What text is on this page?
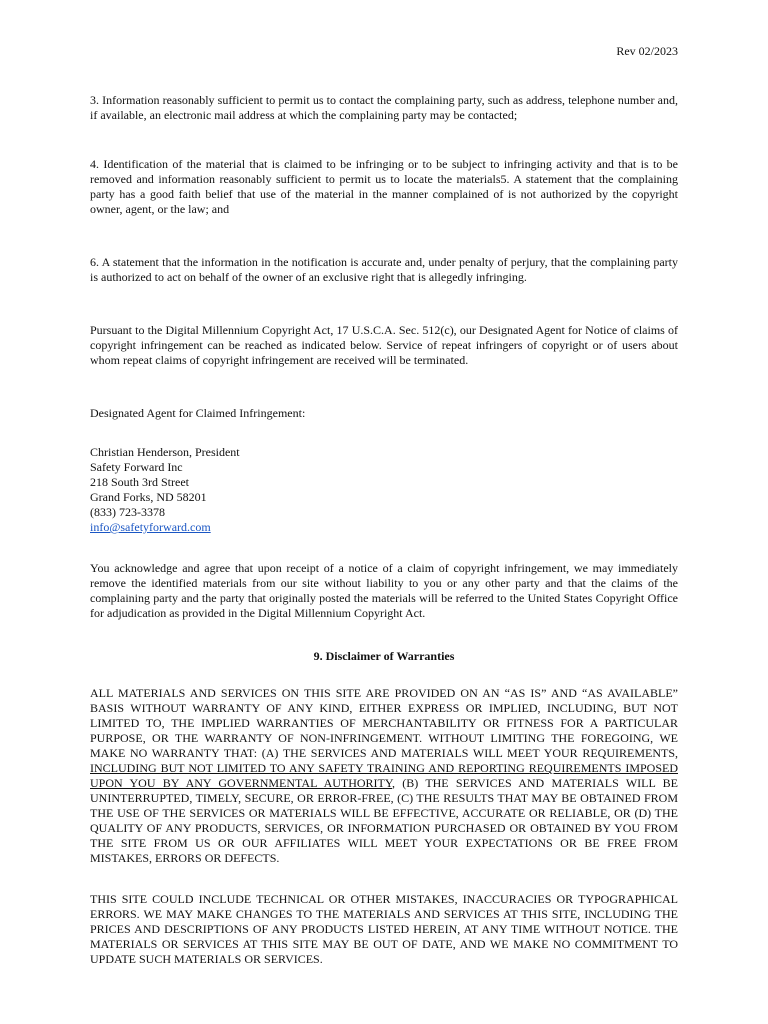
Rev 02/2023

3. Information reasonably sufficient to permit us to contact the complaining party, such as address, telephone number and, if available, an electronic mail address at which the complaining party may be contacted;

4. Identification of the material that is claimed to be infringing or to be subject to infringing activity and that is to be removed and information reasonably sufficient to permit us to locate the materials5. A statement that the complaining party has a good faith belief that use of the material in the manner complained of is not authorized by the copyright owner, agent, or the law; and

6. A statement that the information in the notification is accurate and, under penalty of perjury, that the complaining party is authorized to act on behalf of the owner of an exclusive right that is allegedly infringing.

Pursuant to the Digital Millennium Copyright Act, 17 U.S.C.A. Sec. 512(c), our Designated Agent for Notice of claims of copyright infringement can be reached as indicated below. Service of repeat infringers of copyright or of users about whom repeat claims of copyright infringement are received will be terminated.

Designated Agent for Claimed Infringement:

Christian Henderson, President
Safety Forward Inc
218 South 3rd Street
Grand Forks, ND 58201
(833) 723-3378
info@safetyforward.com

You acknowledge and agree that upon receipt of a notice of a claim of copyright infringement, we may immediately remove the identified materials from our site without liability to you or any other party and that the claims of the complaining party and the party that originally posted the materials will be referred to the United States Copyright Office for adjudication as provided in the Digital Millennium Copyright Act.

9. Disclaimer of Warranties

ALL MATERIALS AND SERVICES ON THIS SITE ARE PROVIDED ON AN “AS IS” AND “AS AVAILABLE” BASIS WITHOUT WARRANTY OF ANY KIND, EITHER EXPRESS OR IMPLIED, INCLUDING, BUT NOT LIMITED TO, THE IMPLIED WARRANTIES OF MERCHANTABILITY OR FITNESS FOR A PARTICULAR PURPOSE, OR THE WARRANTY OF NON-INFRINGEMENT. WITHOUT LIMITING THE FOREGOING, WE MAKE NO WARRANTY THAT: (A) THE SERVICES AND MATERIALS WILL MEET YOUR REQUIREMENTS, INCLUDING BUT NOT LIMITED TO ANY SAFETY TRAINING AND REPORTING REQUIREMENTS IMPOSED UPON YOU BY ANY GOVERNMENTAL AUTHORITY, (B) THE SERVICES AND MATERIALS WILL BE UNINTERRUPTED, TIMELY, SECURE, OR ERROR-FREE, (C) THE RESULTS THAT MAY BE OBTAINED FROM THE USE OF THE SERVICES OR MATERIALS WILL BE EFFECTIVE, ACCURATE OR RELIABLE, OR (D) THE QUALITY OF ANY PRODUCTS, SERVICES, OR INFORMATION PURCHASED OR OBTAINED BY YOU FROM THE SITE FROM US OR OUR AFFILIATES WILL MEET YOUR EXPECTATIONS OR BE FREE FROM MISTAKES, ERRORS OR DEFECTS.

THIS SITE COULD INCLUDE TECHNICAL OR OTHER MISTAKES, INACCURACIES OR TYPOGRAPHICAL ERRORS. WE MAY MAKE CHANGES TO THE MATERIALS AND SERVICES AT THIS SITE, INCLUDING THE PRICES AND DESCRIPTIONS OF ANY PRODUCTS LISTED HEREIN, AT ANY TIME WITHOUT NOTICE. THE MATERIALS OR SERVICES AT THIS SITE MAY BE OUT OF DATE, AND WE MAKE NO COMMITMENT TO UPDATE SUCH MATERIALS OR SERVICES.
